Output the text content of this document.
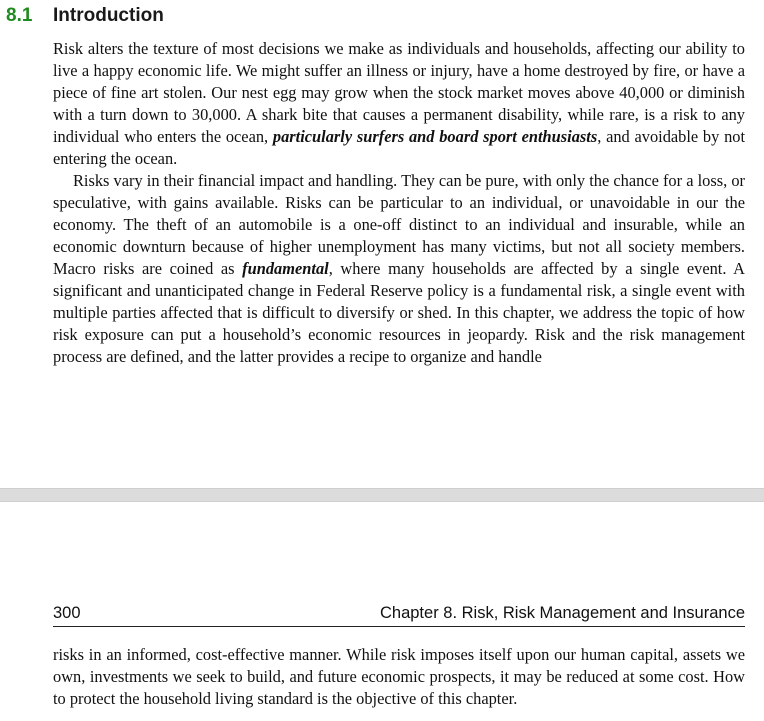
8.1 Introduction

Risk alters the texture of most decisions we make as individuals and households, affecting our ability to live a happy economic life. We might suffer an illness or injury, have a home destroyed by fire, or have a piece of fine art stolen. Our nest egg may grow when the stock market moves above 40,000 or diminish with a turn down to 30,000. A shark bite that causes a permanent disability, while rare, is a risk to any individual who enters the ocean, particularly surfers and board sport enthusiasts, and avoidable by not entering the ocean.

Risks vary in their financial impact and handling. They can be pure, with only the chance for a loss, or speculative, with gains available. Risks can be particular to an individual, or unavoidable in our the economy. The theft of an automobile is a one-off distinct to an individual and insurable, while an economic downturn because of higher unemployment has many victims, but not all society members. Macro risks are coined as fundamental, where many households are affected by a single event. A significant and unanticipated change in Federal Reserve policy is a fundamental risk, a single event with multiple parties affected that is difficult to diversify or shed. In this chapter, we address the topic of how risk exposure can put a household’s economic resources in jeopardy. Risk and the risk management process are defined, and the latter provides a recipe to organize and handle

300	Chapter 8. Risk, Risk Management and Insurance

risks in an informed, cost-effective manner. While risk imposes itself upon our human capital, assets we own, investments we seek to build, and future economic prospects, it may be reduced at some cost. How to protect the household living standard is the objective of this chapter.
